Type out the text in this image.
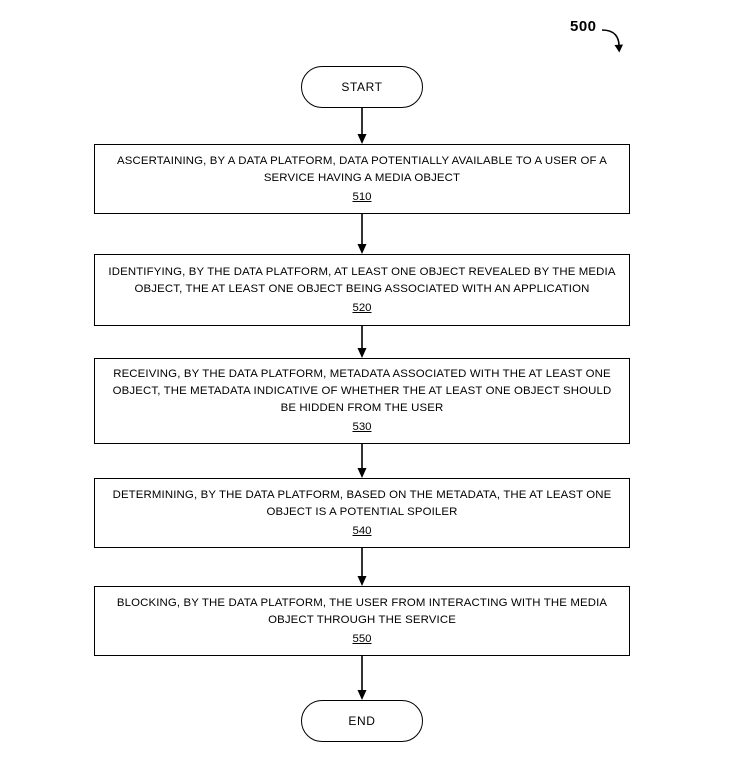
500
START
ASCERTAINING, BY A DATA PLATFORM, DATA POTENTIALLY AVAILABLE TO A USER OF A SERVICE HAVING A MEDIA OBJECT
510
IDENTIFYING, BY THE DATA PLATFORM, AT LEAST ONE OBJECT REVEALED BY THE MEDIA OBJECT, THE AT LEAST ONE OBJECT BEING ASSOCIATED WITH AN APPLICATION
520
RECEIVING, BY THE DATA PLATFORM, METADATA ASSOCIATED WITH THE AT LEAST ONE OBJECT, THE METADATA INDICATIVE OF WHETHER THE AT LEAST ONE OBJECT SHOULD BE HIDDEN FROM THE USER
530
DETERMINING, BY THE DATA PLATFORM, BASED ON THE METADATA, THE AT LEAST ONE OBJECT IS A POTENTIAL SPOILER
540
BLOCKING, BY THE DATA PLATFORM, THE USER FROM INTERACTING WITH THE MEDIA OBJECT THROUGH THE SERVICE
550
END
